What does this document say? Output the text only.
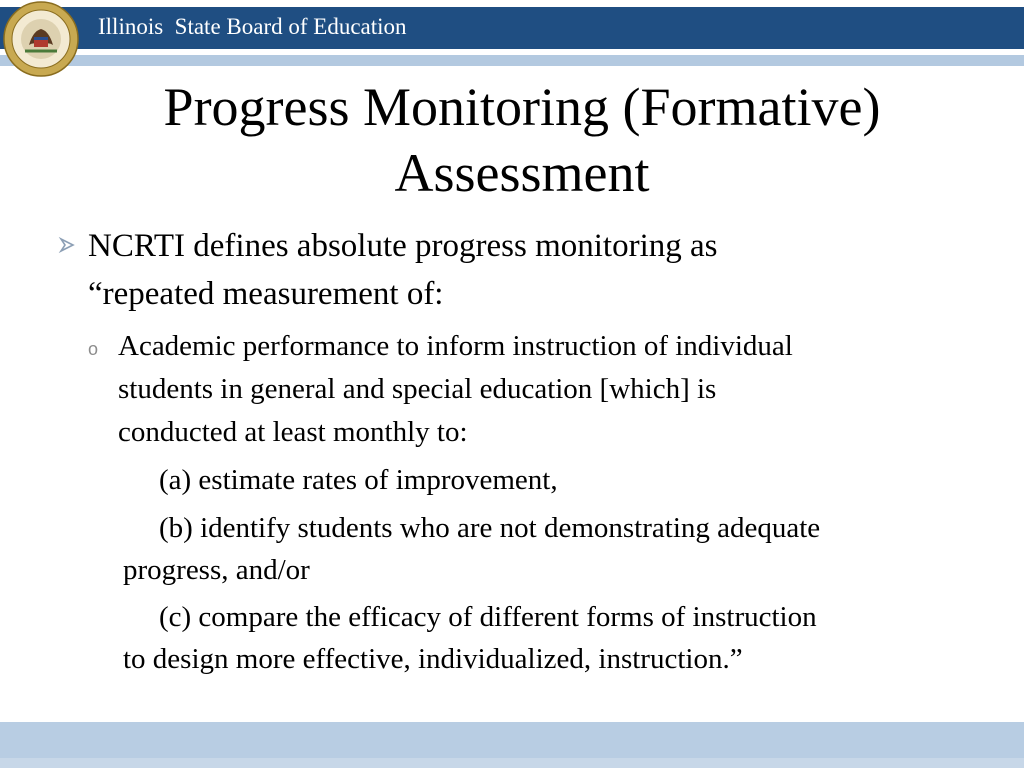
Illinois  State Board of Education
Progress Monitoring (Formative)
Assessment
NCRTI defines absolute progress monitoring as
“repeated measurement of:
o Academic performance to inform instruction of individual
students in general and special education [which] is
conducted at least monthly to:
(a) estimate rates of improvement,
(b) identify students who are not demonstrating adequate
progress, and/or
(c) compare the efficacy of different forms of instruction
to design more effective, individualized, instruction.”
